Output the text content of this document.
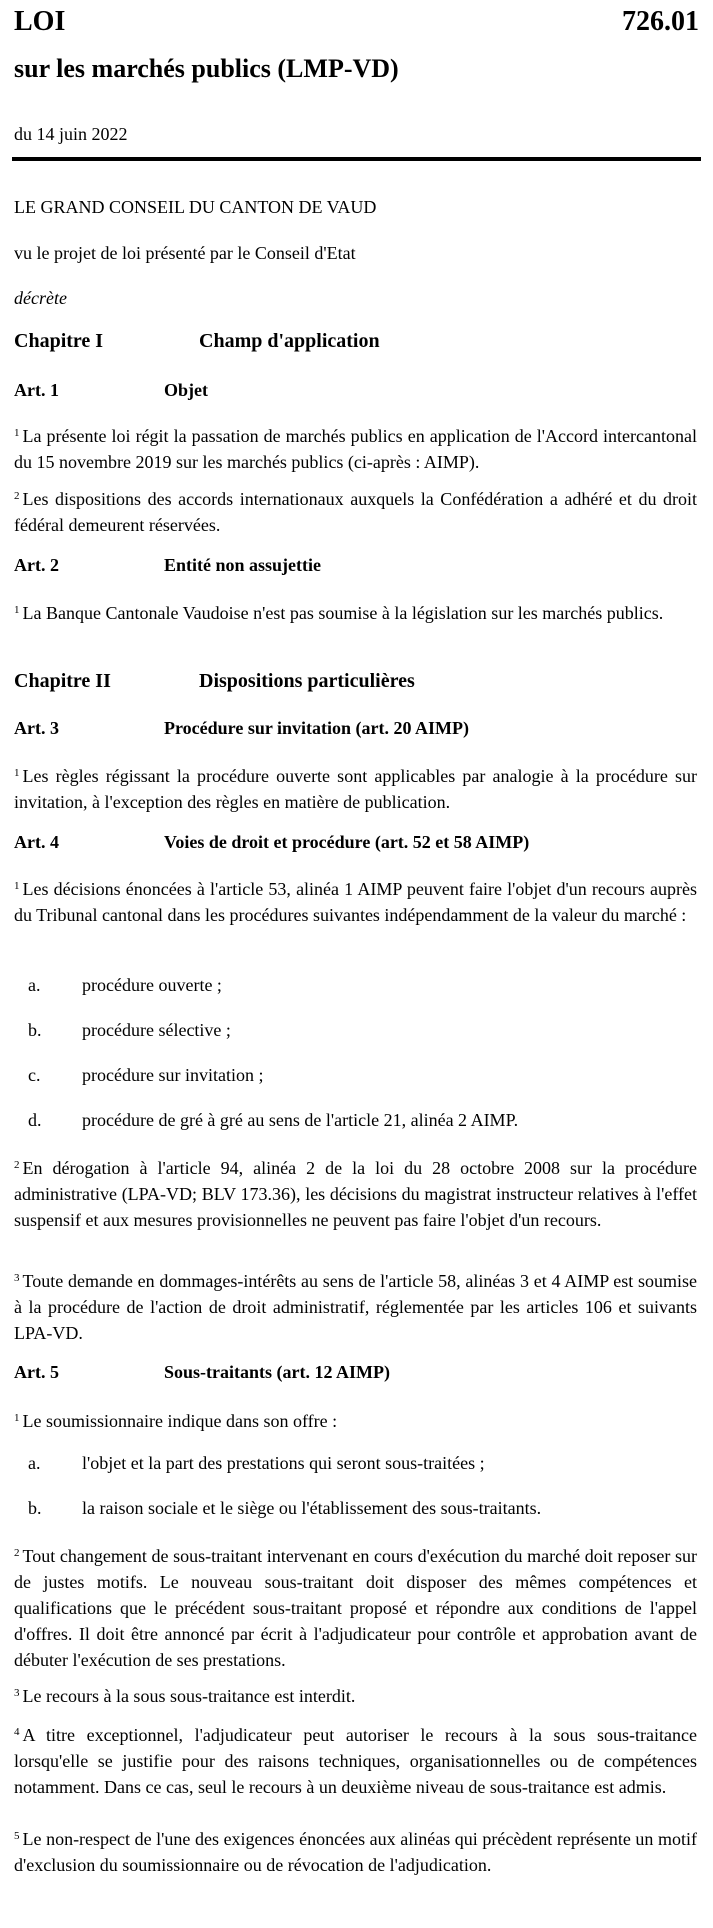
LOI	726.01
sur les marchés publics (LMP-VD)
du 14 juin 2022
LE GRAND CONSEIL DU CANTON DE VAUD
vu le projet de loi présenté par le Conseil d'Etat
décrète
Chapitre I	Champ d'application
Art. 1	Objet
$^1$ La présente loi régit la passation de marchés publics en application de l'Accord intercantonal du 15 novembre 2019 sur les marchés publics (ci-après : AIMP).
$^2$ Les dispositions des accords internationaux auxquels la Confédération a adhéré et du droit fédéral demeurent réservées.
Art. 2	Entité non assujettie
$^1$ La Banque Cantonale Vaudoise n'est pas soumise à la législation sur les marchés publics.
Chapitre II	Dispositions particulières
Art. 3	Procédure sur invitation (art. 20 AIMP)
$^1$ Les règles régissant la procédure ouverte sont applicables par analogie à la procédure sur invitation, à l'exception des règles en matière de publication.
Art. 4	Voies de droit et procédure (art. 52 et 58 AIMP)
$^1$ Les décisions énoncées à l'article 53, alinéa 1 AIMP peuvent faire l'objet d'un recours auprès du Tribunal cantonal dans les procédures suivantes indépendamment de la valeur du marché :
a. procédure ouverte ;
b. procédure sélective ;
c. procédure sur invitation ;
d. procédure de gré à gré au sens de l'article 21, alinéa 2 AIMP.
$^2$ En dérogation à l'article 94, alinéa 2 de la loi du 28 octobre 2008 sur la procédure administrative (LPA-VD; BLV 173.36), les décisions du magistrat instructeur relatives à l'effet suspensif et aux mesures provisionnelles ne peuvent pas faire l'objet d'un recours.
$^3$ Toute demande en dommages-intérêts au sens de l'article 58, alinéas 3 et 4 AIMP est soumise à la procédure de l'action de droit administratif, réglementée par les articles 106 et suivants LPA-VD.
Art. 5	Sous-traitants (art. 12 AIMP)
$^1$ Le soumissionnaire indique dans son offre :
a. l'objet et la part des prestations qui seront sous-traitées ;
b. la raison sociale et le siège ou l'établissement des sous-traitants.
$^2$ Tout changement de sous-traitant intervenant en cours d'exécution du marché doit reposer sur de justes motifs. Le nouveau sous-traitant doit disposer des mêmes compétences et qualifications que le précédent sous-traitant proposé et répondre aux conditions de l'appel d'offres. Il doit être annoncé par écrit à l'adjudicateur pour contrôle et approbation avant de débuter l'exécution de ses prestations.
$^3$ Le recours à la sous sous-traitance est interdit.
$^4$ A titre exceptionnel, l'adjudicateur peut autoriser le recours à la sous sous-traitance lorsqu'elle se justifie pour des raisons techniques, organisationnelles ou de compétences notamment. Dans ce cas, seul le recours à un deuxième niveau de sous-traitance est admis.
$^5$ Le non-respect de l'une des exigences énoncées aux alinéas qui précèdent représente un motif d'exclusion du soumissionnaire ou de révocation de l'adjudication.
